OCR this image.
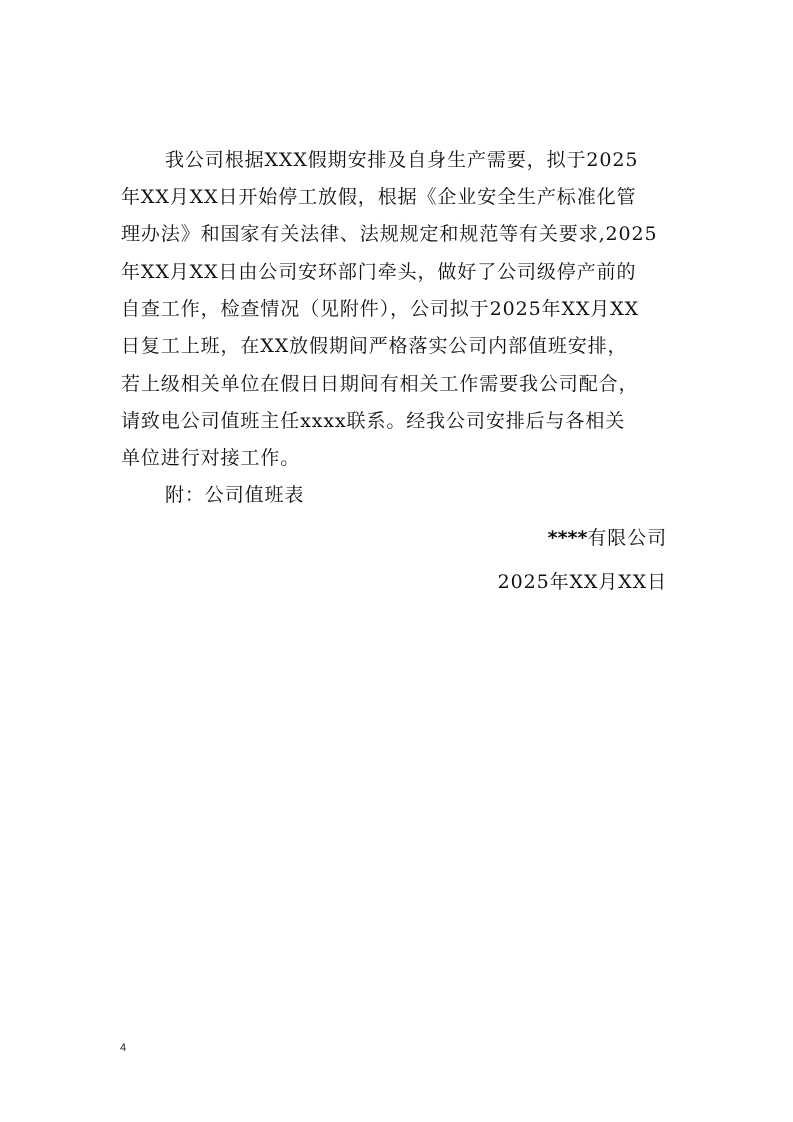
我公司根据XXX假期安排及自身生产需要，拟于2025
年XX月XX日开始停工放假，根据《企业安全生产标准化管
理办法》和国家有关法律、法规规定和规范等有关要求,2025
年XX月XX日由公司安环部门牵头，做好了公司级停产前的
自查工作，检查情况（见附件），公司拟于2025年XX月XX
日复工上班，在XX放假期间严格落实公司内部值班安排，
若上级相关单位在假日日期间有相关工作需要我公司配合，
请致电公司值班主任xxxx联系。经我公司安排后与各相关
单位进行对接工作。
附：公司值班表
****有限公司
2025年XX月XX日
4
